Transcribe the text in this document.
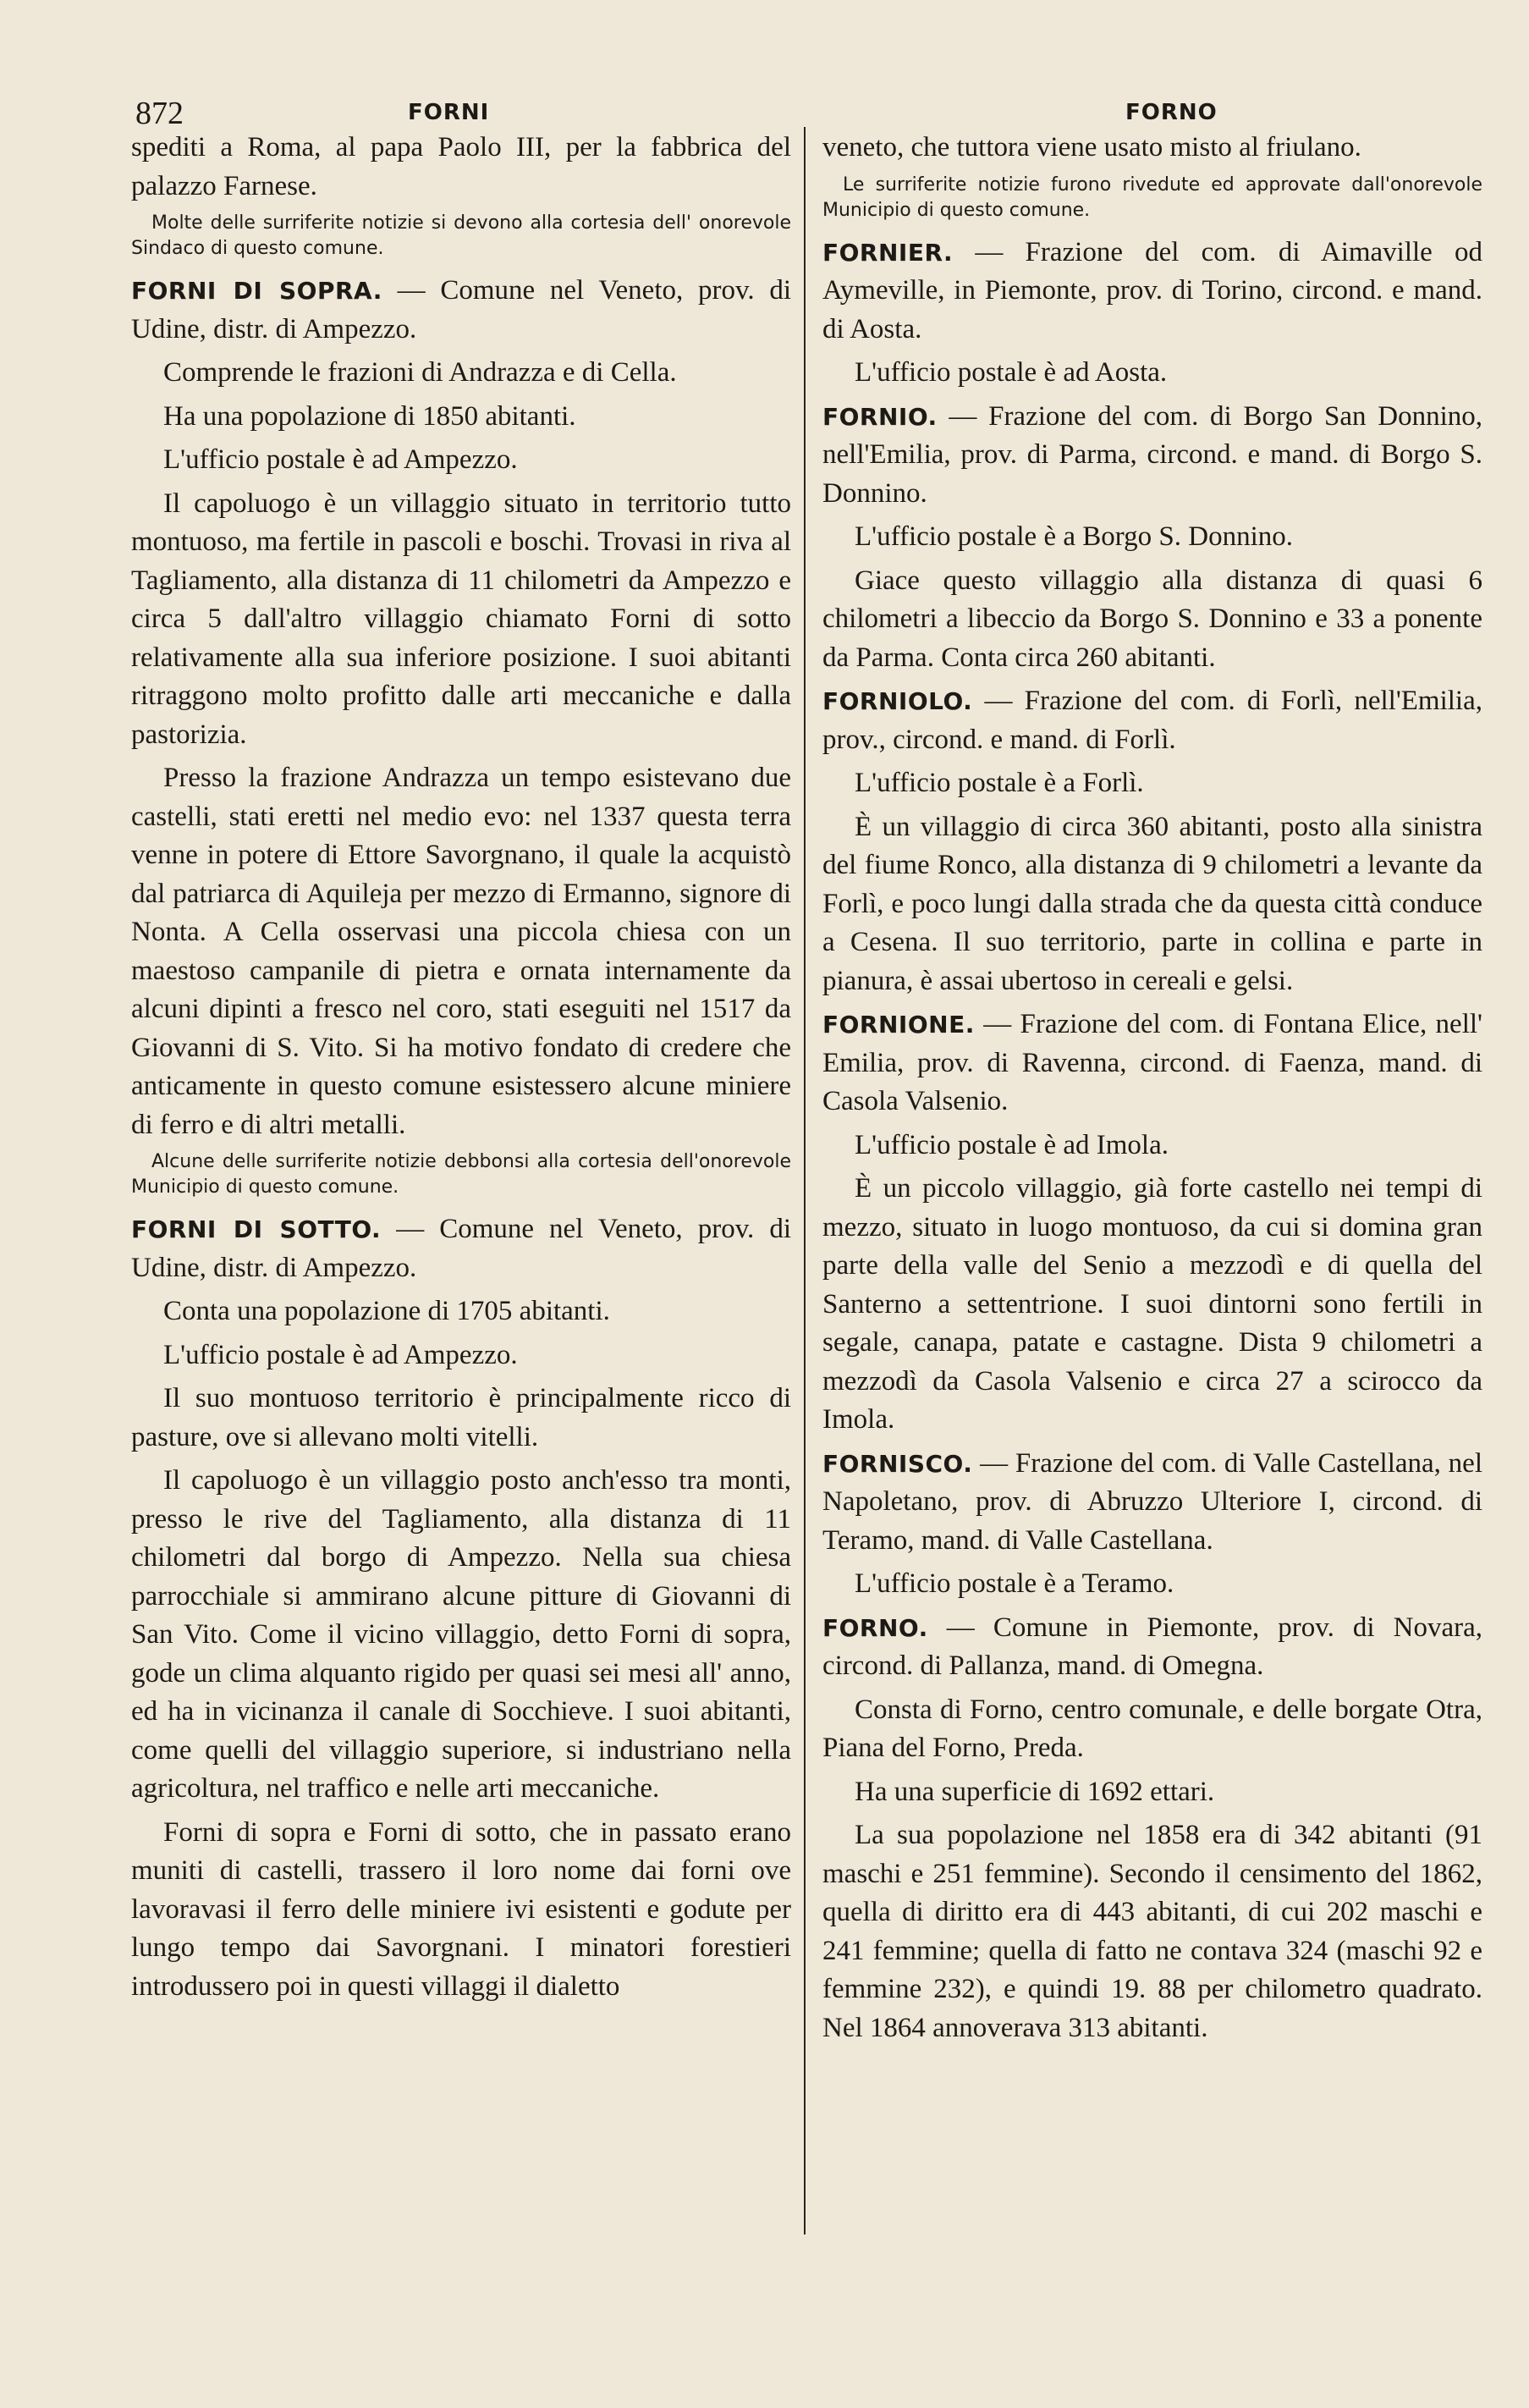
872	FORNI	FORNO

spediti a Roma, al papa Paolo III, per la fabbrica del palazzo Farnese.

Molte delle surriferite notizie si devono alla cortesia dell' onorevole Sindaco di questo comune.

FORNI DI SOPRA. — Comune nel Veneto, prov. di Udine, distr. di Ampezzo.

Comprende le frazioni di Andrazza e di Cella.

Ha una popolazione di 1850 abitanti.

L'ufficio postale è ad Ampezzo.

Il capoluogo è un villaggio situato in territorio tutto montuoso, ma fertile in pascoli e boschi. Trovasi in riva al Tagliamento, alla distanza di 11 chilometri da Ampezzo e circa 5 dall'altro villaggio chiamato Forni di sotto relativamente alla sua inferiore posizione. I suoi abitanti ritraggono molto profitto dalle arti meccaniche e dalla pastorizia.

Presso la frazione Andrazza un tempo esistevano due castelli, stati eretti nel medio evo: nel 1337 questa terra venne in potere di Ettore Savorgnano, il quale la acquistò dal patriarca di Aquileja per mezzo di Ermanno, signore di Nonta. A Cella osservasi una piccola chiesa con un maestoso campanile di pietra e ornata internamente da alcuni dipinti a fresco nel coro, stati eseguiti nel 1517 da Giovanni di S. Vito. Si ha motivo fondato di credere che anticamente in questo comune esistessero alcune miniere di ferro e di altri metalli.

Alcune delle surriferite notizie debbonsi alla cortesia dell'onorevole Municipio di questo comune.

FORNI DI SOTTO. — Comune nel Veneto, prov. di Udine, distr. di Ampezzo.

Conta una popolazione di 1705 abitanti.

L'ufficio postale è ad Ampezzo.

Il suo montuoso territorio è principalmente ricco di pasture, ove si allevano molti vitelli.

Il capoluogo è un villaggio posto anch'esso tra monti, presso le rive del Tagliamento, alla distanza di 11 chilometri dal borgo di Ampezzo. Nella sua chiesa parrocchiale si ammirano alcune pitture di Giovanni di San Vito. Come il vicino villaggio, detto Forni di sopra, gode un clima alquanto rigido per quasi sei mesi all' anno, ed ha in vicinanza il canale di Socchieve. I suoi abitanti, come quelli del villaggio superiore, si industriano nella agricoltura, nel traffico e nelle arti meccaniche.

Forni di sopra e Forni di sotto, che in passato erano muniti di castelli, trassero il loro nome dai forni ove lavoravasi il ferro delle miniere ivi esistenti e godute per lungo tempo dai Savorgnani. I minatori forestieri introdussero poi in questi villaggi il dialetto

veneto, che tuttora viene usato misto al friulano.

Le surriferite notizie furono rivedute ed approvate dall'onorevole Municipio di questo comune.

FORNIER. — Frazione del com. di Aimaville od Aymeville, in Piemonte, prov. di Torino, circond. e mand. di Aosta.

L'ufficio postale è ad Aosta.

FORNIO. — Frazione del com. di Borgo San Donnino, nell'Emilia, prov. di Parma, circond. e mand. di Borgo S. Donnino.

L'ufficio postale è a Borgo S. Donnino.

Giace questo villaggio alla distanza di quasi 6 chilometri a libeccio da Borgo S. Donnino e 33 a ponente da Parma. Conta circa 260 abitanti.

FORNIOLO. — Frazione del com. di Forlì, nell'Emilia, prov., circond. e mand. di Forlì.

L'ufficio postale è a Forlì.

È un villaggio di circa 360 abitanti, posto alla sinistra del fiume Ronco, alla distanza di 9 chilometri a levante da Forlì, e poco lungi dalla strada che da questa città conduce a Cesena. Il suo territorio, parte in collina e parte in pianura, è assai ubertoso in cereali e gelsi.

FORNIONE. — Frazione del com. di Fontana Elice, nell' Emilia, prov. di Ravenna, circond. di Faenza, mand. di Casola Valsenio.

L'ufficio postale è ad Imola.

È un piccolo villaggio, già forte castello nei tempi di mezzo, situato in luogo montuoso, da cui si domina gran parte della valle del Senio a mezzodì e di quella del Santerno a settentrione. I suoi dintorni sono fertili in segale, canapa, patate e castagne. Dista 9 chilometri a mezzodì da Casola Valsenio e circa 27 a scirocco da Imola.

FORNISCO. — Frazione del com. di Valle Castellana, nel Napoletano, prov. di Abruzzo Ulteriore I, circond. di Teramo, mand. di Valle Castellana.

L'ufficio postale è a Teramo.

FORNO. — Comune in Piemonte, prov. di Novara, circond. di Pallanza, mand. di Omegna.

Consta di Forno, centro comunale, e delle borgate Otra, Piana del Forno, Preda.

Ha una superficie di 1692 ettari.

La sua popolazione nel 1858 era di 342 abitanti (91 maschi e 251 femmine). Secondo il censimento del 1862, quella di diritto era di 443 abitanti, di cui 202 maschi e 241 femmine; quella di fatto ne contava 324 (maschi 92 e femmine 232), e quindi 19. 88 per chilometro quadrato. Nel 1864 annoverava 313 abitanti.
